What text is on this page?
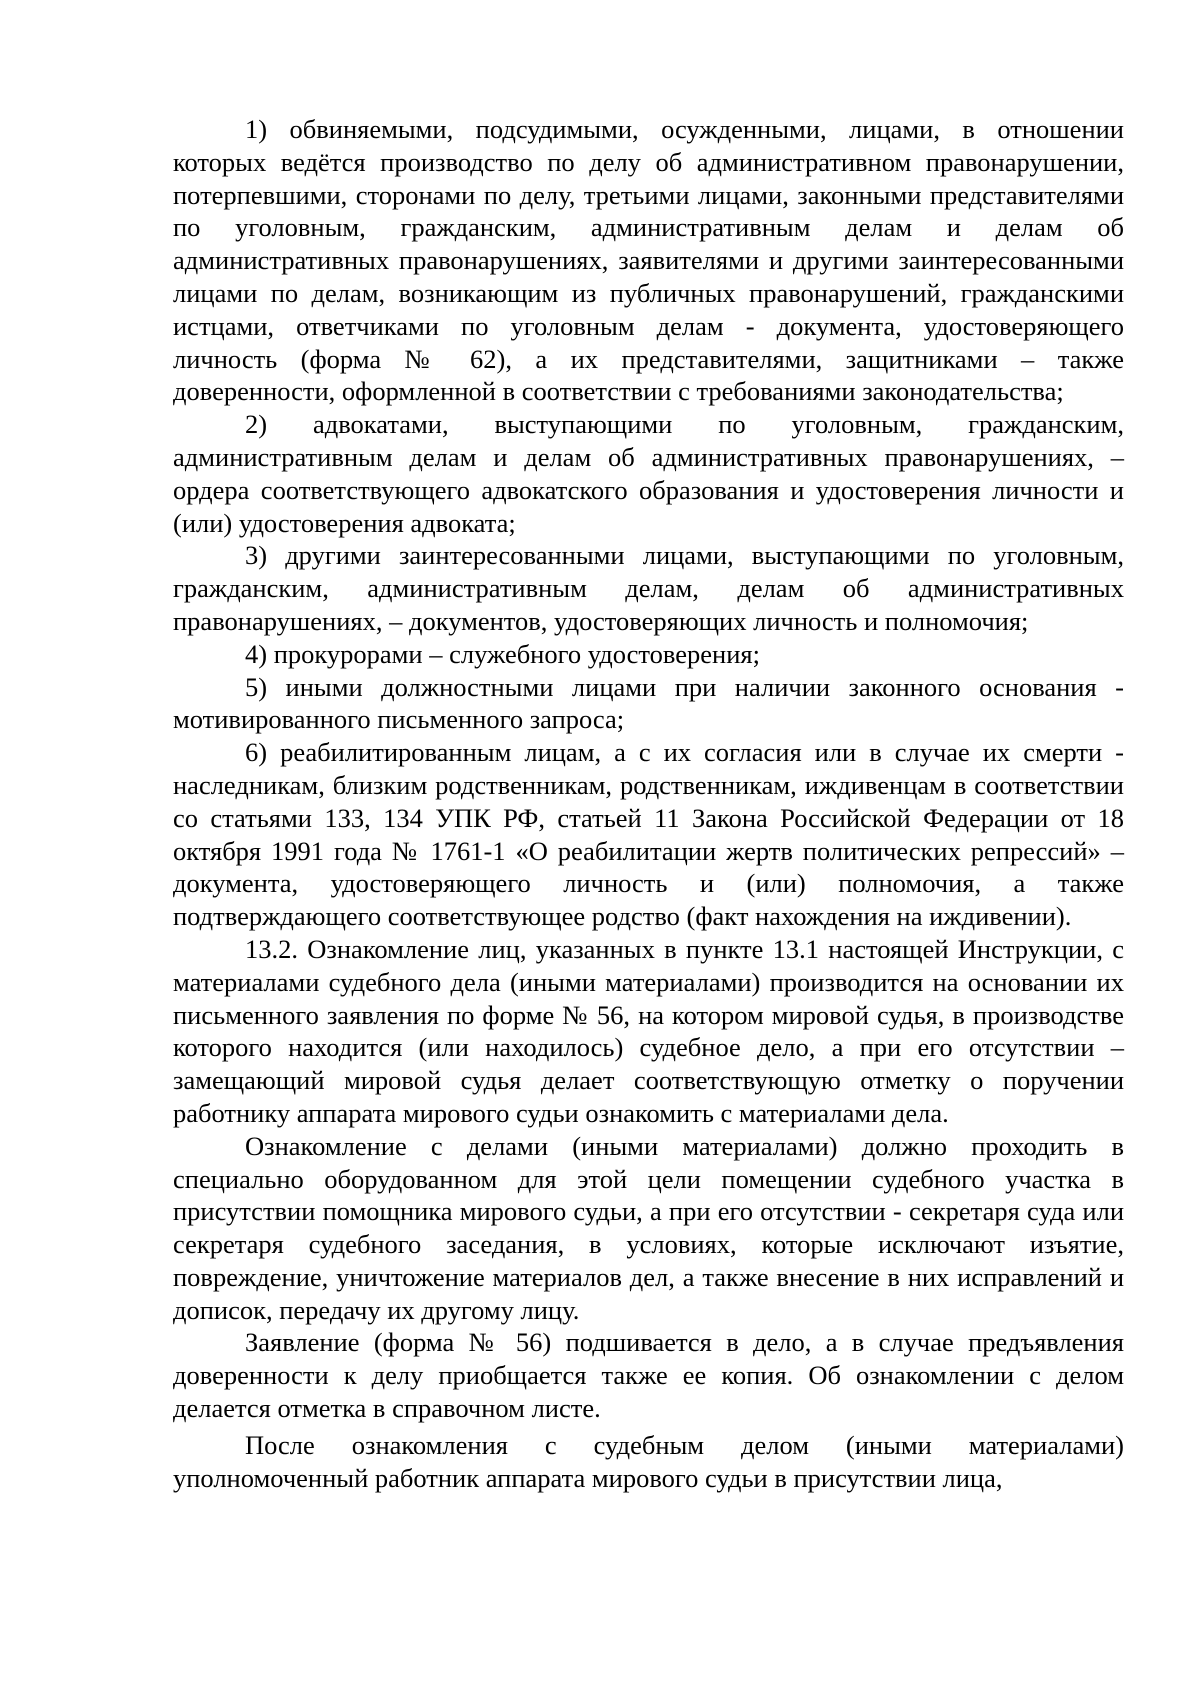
1) обвиняемыми, подсудимыми, осужденными, лицами, в отношении которых ведётся производство по делу об административном правонарушении, потерпевшими, сторонами по делу, третьими лицами, законными представителями по уголовным, гражданским, административным делам и делам об административных правонарушениях, заявителями и другими заинтересованными лицами по делам, возникающим из публичных правонарушений, гражданскими истцами, ответчиками по уголовным делам - документа, удостоверяющего личность (форма № 62), а их представителями, защитниками – также доверенности, оформленной в соответствии с требованиями законодательства;

2) адвокатами, выступающими по уголовным, гражданским, административным делам и делам об административных правонарушениях, – ордера соответствующего адвокатского образования и удостоверения личности и (или) удостоверения адвоката;

3) другими заинтересованными лицами, выступающими по уголовным, гражданским, административным делам, делам об административных правонарушениях, – документов, удостоверяющих личность и полномочия;

4) прокурорами – служебного удостоверения;

5) иными должностными лицами при наличии законного основания - мотивированного письменного запроса;

6) реабилитированным лицам, а с их согласия или в случае их смерти - наследникам, близким родственникам, родственникам, иждивенцам в соответствии со статьями 133, 134 УПК РФ, статьей 11 Закона Российской Федерации от 18 октября 1991 года № 1761-1 «О реабилитации жертв политических репрессий» – документа, удостоверяющего личность и (или) полномочия, а также подтверждающего соответствующее родство (факт нахождения на иждивении).

13.2. Ознакомление лиц, указанных в пункте 13.1 настоящей Инструкции, с материалами судебного дела (иными материалами) производится на основании их письменного заявления по форме № 56, на котором мировой судья, в производстве которого находится (или находилось) судебное дело, а при его отсутствии – замещающий мировой судья делает соответствующую отметку о поручении работнику аппарата мирового судьи ознакомить с материалами дела.

Ознакомление с делами (иными материалами) должно проходить в специально оборудованном для этой цели помещении судебного участка в присутствии помощника мирового судьи, а при его отсутствии - секретаря суда или секретаря судебного заседания, в условиях, которые исключают изъятие, повреждение, уничтожение материалов дел, а также внесение в них исправлений и дописок, передачу их другому лицу.

Заявление (форма № 56) подшивается в дело, а в случае предъявления доверенности к делу приобщается также ее копия. Об ознакомлении с делом делается отметка в справочном листе.

После ознакомления с судебным делом (иными материалами) уполномоченный работник аппарата мирового судьи в присутствии лица,
